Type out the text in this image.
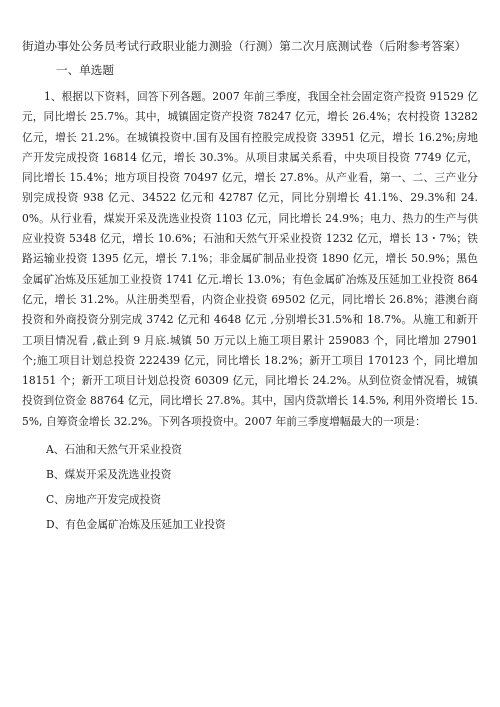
街道办事处公务员考试行政职业能力测验（行测）第二次月底测试卷（后附参考答案）
一、单选题

1、根据以下资料，回答下列各题。2007 年前三季度，我国全社会固定资产投资 91529 亿元，同比增长 25.7%。其中，城镇固定资产投资 78247 亿元，增长 26.4%；农村投资 13282 亿元，增长 21.2%。在城镇投资中.国有及国有控股完成投资 33951 亿元，增长 16.2%;房地产开发完成投资 16814 亿元，增长 30.3%。从项目隶属关系看，中央项目投资 7749 亿元，同比增长 15.4%；地方项目投资 70497 亿元，增长 27.8%。从产业看，第一、二、三产业分别完成投资 938 亿元、34522 亿元和 42787 亿元，同比分别增长 41.1%、29.3%和 24.0%。从行业看，煤炭开采及洗选业投资 1103 亿元，同比增长 24.9%；电力、热力的生产与供应业投资 5348 亿元，增长 10.6%；石油和天然气开采业投资 1232 亿元，增长 13・7%；铁路运输业投资 1395 亿元，增长 7.1%；非金属矿制品业投资 1890 亿元，增长 50.9%；黑色金属矿冶炼及压延加工业投资 1741 亿元.增长 13.0%；有色金属矿冶炼及压延加工业投资 864 亿元，增长 31.2%。从注册类型看，内资企业投资 69502 亿元，同比增长 26.8%；港澳台商投资和外商投资分别完成 3742 亿元和 4648 亿元 ,分别增长31.5%和 18.7%。从施工和新开工项目情况看 ,截止到 9 月底.城镇 50 万元以上施工项目累计 259083 个，同比增加 27901 个;施工项目计划总投资 222439 亿元，同比增长 18.2%；新开工项目 170123 个，同比增加 18151 个；新开工项目计划总投资 60309 亿元，同比增长 24.2%。从到位资金情况看，城镇投资到位资金 88764 亿元，同比增长 27.8%。其中，国内贷款增长 14.5%, 利用外资增长 15.5%, 自筹资金增长 32.2%。下列各项投资中。2007 年前三季度增幅最大的一项是：

A、石油和天然气开采业投资
B、煤炭开采及洗选业投资
C、房地产开发完成投资
D、有色金属矿冶炼及压延加工业投资
